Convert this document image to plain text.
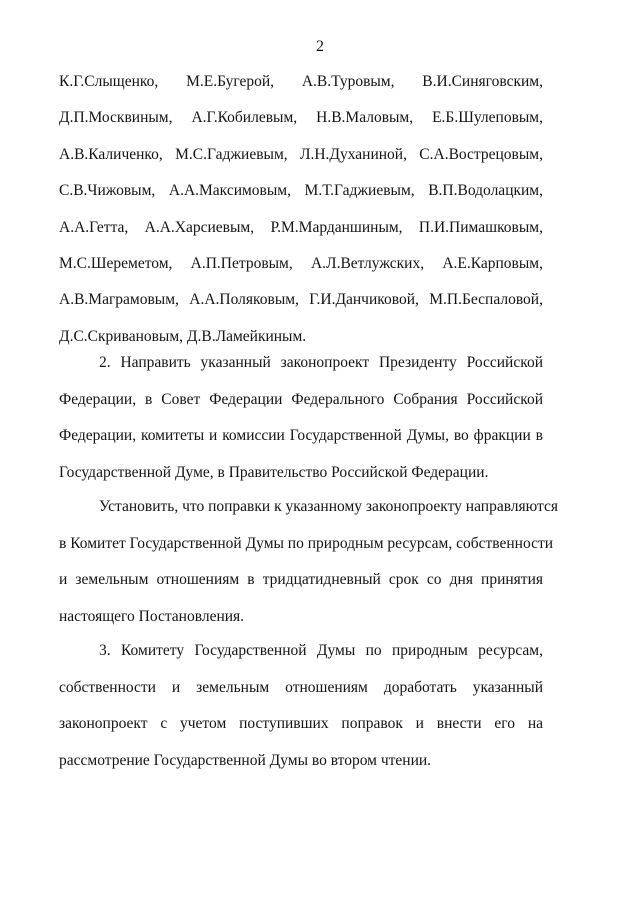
2
К.Г.Слыщенко, М.Е.Бугерой, А.В.Туровым, В.И.Синяговским,
Д.П.Москвиным, А.Г.Кобилевым, Н.В.Маловым, Е.Б.Шулеповым,
А.В.Каличенко, М.С.Гаджиевым, Л.Н.Духаниной, С.А.Вострецовым,
С.В.Чижовым, А.А.Максимовым, М.Т.Гаджиевым, В.П.Водолацким,
А.А.Гетта, А.А.Харсиевым, Р.М.Марданшиным, П.И.Пимашковым,
М.С.Шереметом, А.П.Петровым, А.Л.Ветлужских, А.Е.Карповым,
А.В.Маграмовым, А.А.Поляковым, Г.И.Данчиковой, М.П.Беспаловой,
Д.С.Скривановым, Д.В.Ламейкиным.
2. Направить указанный законопроект Президенту Российской
Федерации, в Совет Федерации Федерального Собрания Российской
Федерации, комитеты и комиссии Государственной Думы, во фракции в
Государственной Думе, в Правительство Российской Федерации.
Установить, что поправки к указанному законопроекту направляются
в Комитет Государственной Думы по природным ресурсам, собственности
и земельным отношениям в тридцатидневный срок со дня принятия
настоящего Постановления.
3. Комитету Государственной Думы по природным ресурсам,
собственности и земельным отношениям доработать указанный
законопроект с учетом поступивших поправок и внести его на
рассмотрение Государственной Думы во втором чтении.
